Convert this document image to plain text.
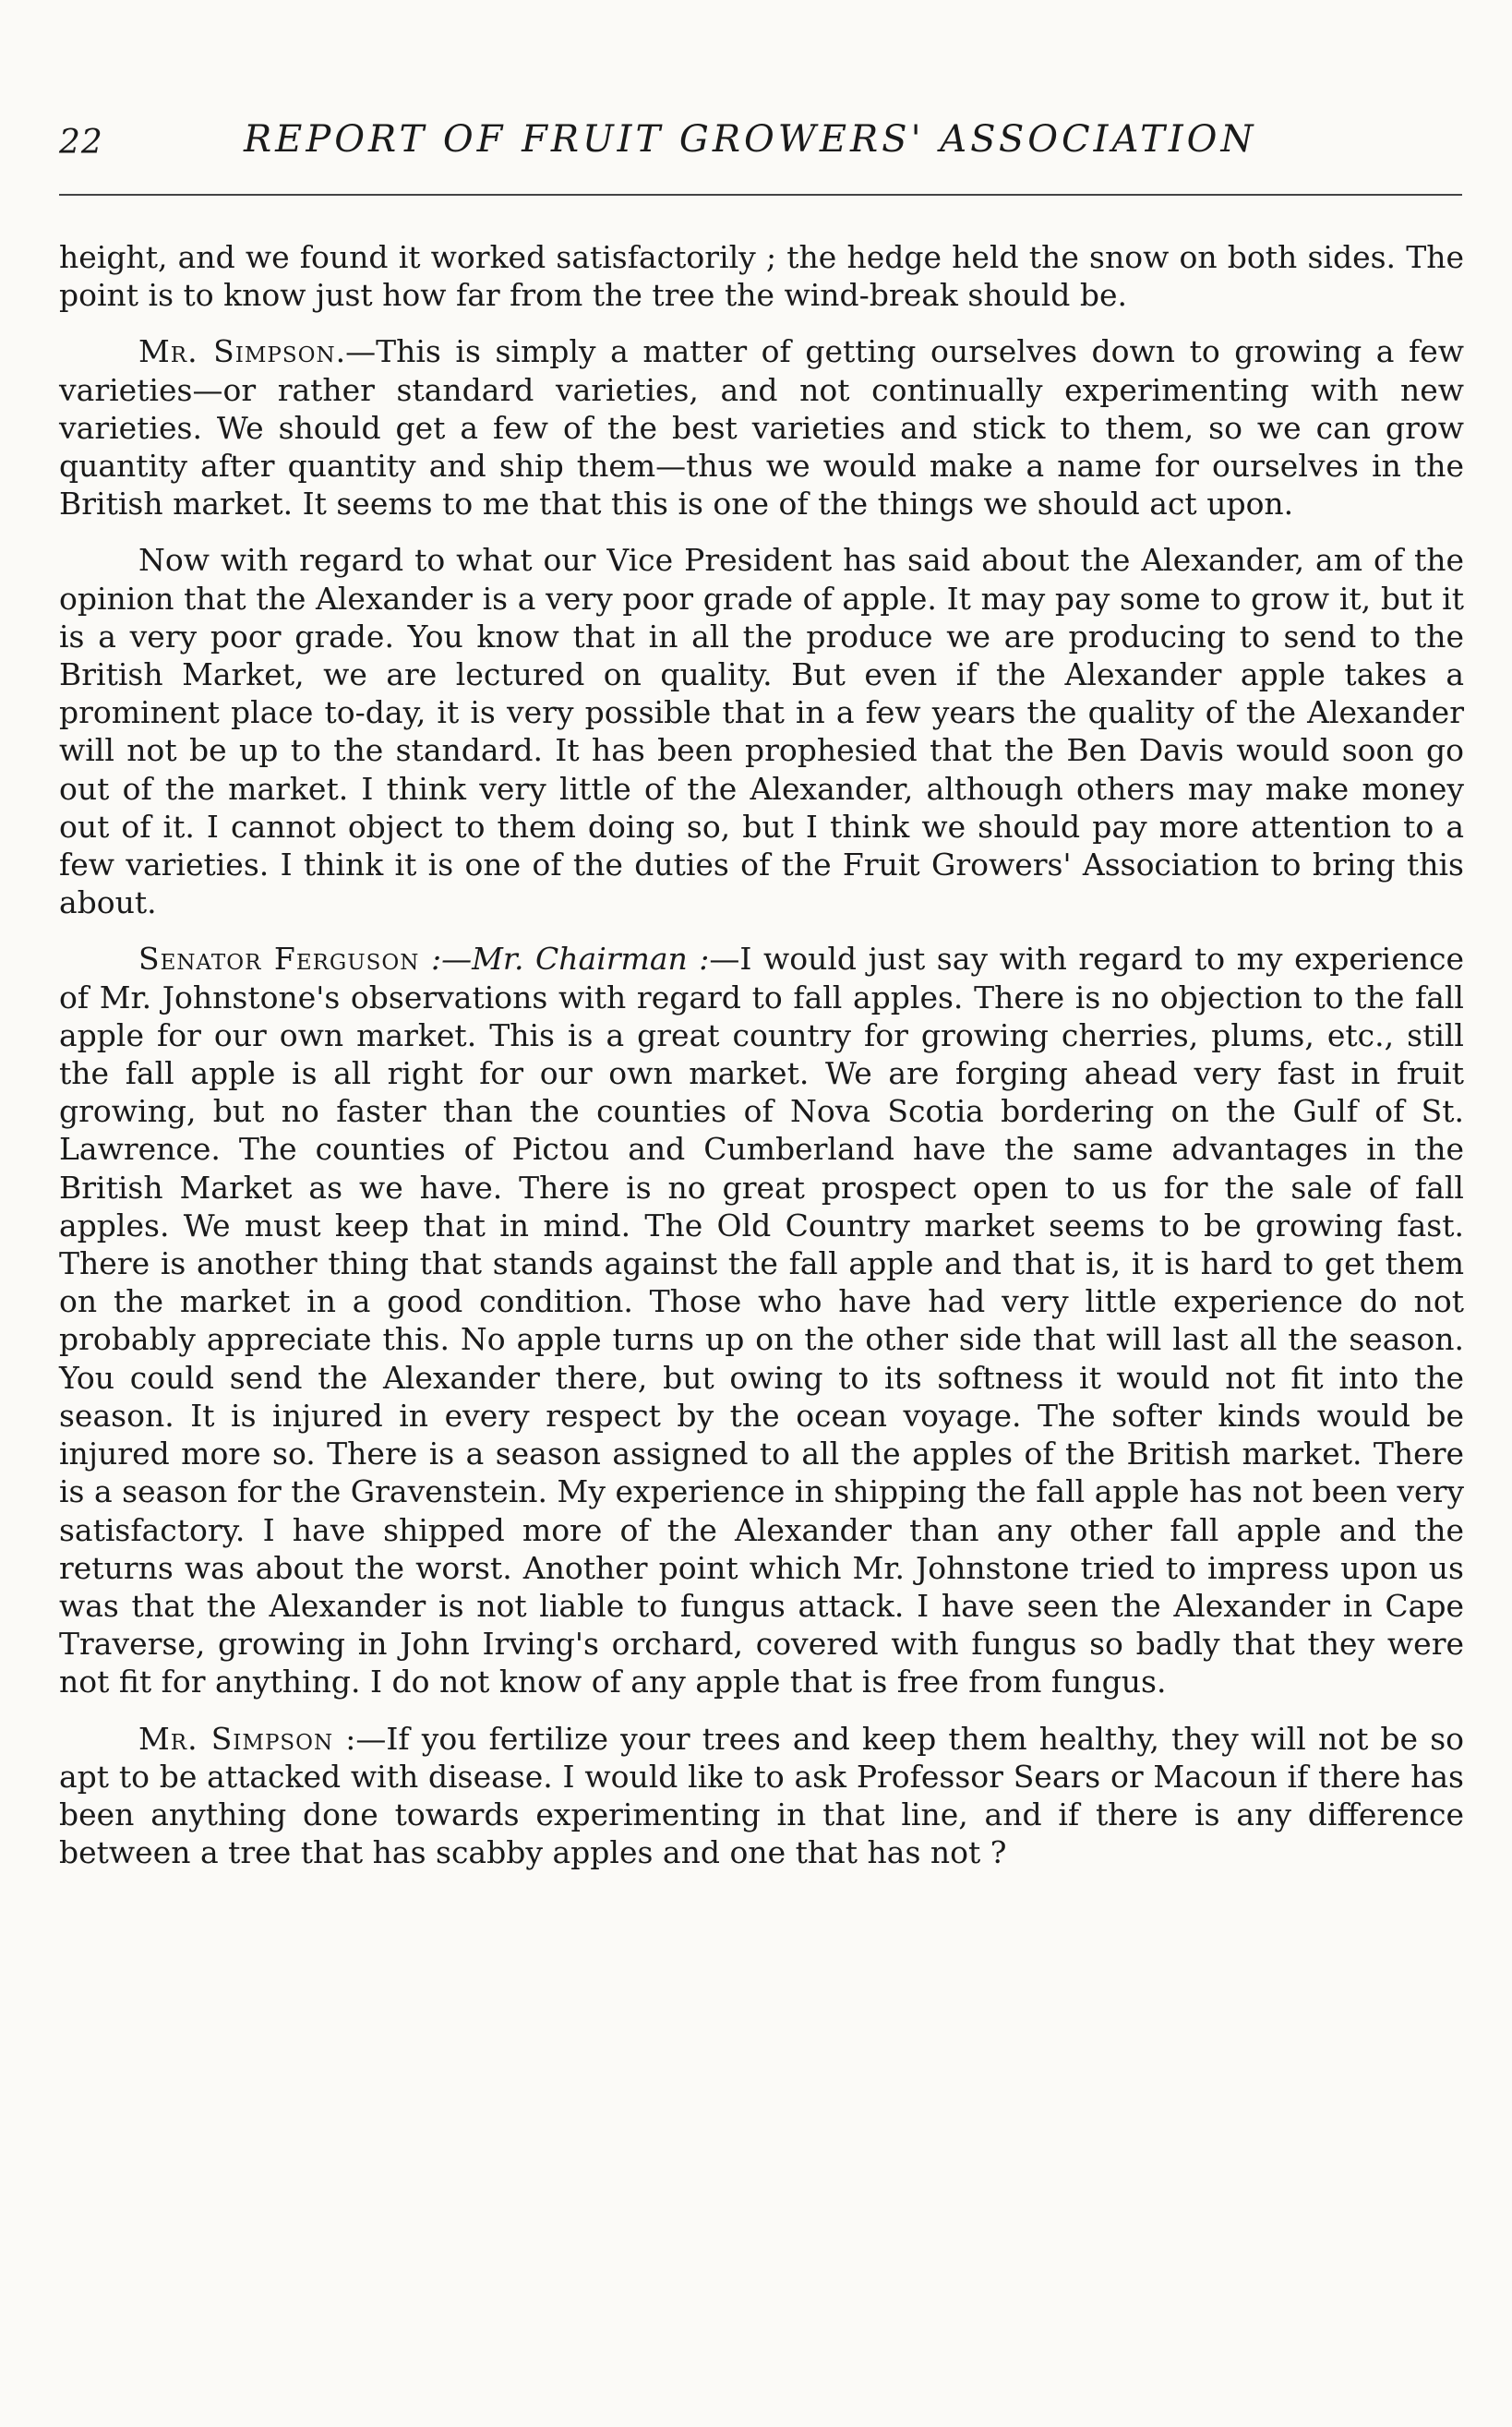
22	REPORT OF FRUIT GROWERS' ASSOCIATION

height, and we found it worked satisfactorily ; the hedge held the snow on both sides. The point is to know just how far from the tree the wind-break should be.

Mr. Simpson.—This is simply a matter of getting ourselves down to growing a few varieties—or rather standard varieties, and not continually experimenting with new varieties. We should get a few of the best varieties and stick to them, so we can grow quantity after quantity and ship them—thus we would make a name for ourselves in the British market. It seems to me that this is one of the things we should act upon.

Now with regard to what our Vice President has said about the Alexander, am of the opinion that the Alexander is a very poor grade of apple. It may pay some to grow it, but it is a very poor grade. You know that in all the produce we are producing to send to the British Market, we are lectured on quality. But even if the Alexander apple takes a prominent place to-day, it is very possible that in a few years the quality of the Alexander will not be up to the standard. It has been prophesied that the Ben Davis would soon go out of the market. I think very little of the Alexander, although others may make money out of it. I cannot object to them doing so, but I think we should pay more attention to a few varieties. I think it is one of the duties of the Fruit Growers' Association to bring this about.

Senator Ferguson :—Mr. Chairman :—I would just say with regard to my experience of Mr. Johnstone's observations with regard to fall apples. There is no objection to the fall apple for our own market. This is a great country for growing cherries, plums, etc., still the fall apple is all right for our own market. We are forging ahead very fast in fruit growing, but no faster than the counties of Nova Scotia bordering on the Gulf of St. Lawrence. The counties of Pictou and Cumberland have the same advantages in the British Market as we have. There is no great prospect open to us for the sale of fall apples. We must keep that in mind. The Old Country market seems to be growing fast. There is another thing that stands against the fall apple and that is, it is hard to get them on the market in a good condition. Those who have had very little experience do not probably appreciate this. No apple turns up on the other side that will last all the season. You could send the Alexander there, but owing to its softness it would not fit into the season. It is injured in every respect by the ocean voyage. The softer kinds would be injured more so. There is a season assigned to all the apples of the British market. There is a season for the Gravenstein. My experience in shipping the fall apple has not been very satisfactory. I have shipped more of the Alexander than any other fall apple and the returns was about the worst. Another point which Mr. Johnstone tried to impress upon us was that the Alexander is not liable to fungus attack. I have seen the Alexander in Cape Traverse, growing in John Irving's orchard, covered with fungus so badly that they were not fit for anything. I do not know of any apple that is free from fungus.

Mr. Simpson :—If you fertilize your trees and keep them healthy, they will not be so apt to be attacked with disease. I would like to ask Professor Sears or Macoun if there has been anything done towards experimenting in that line, and if there is any difference between a tree that has scabby apples and one that has not ?
